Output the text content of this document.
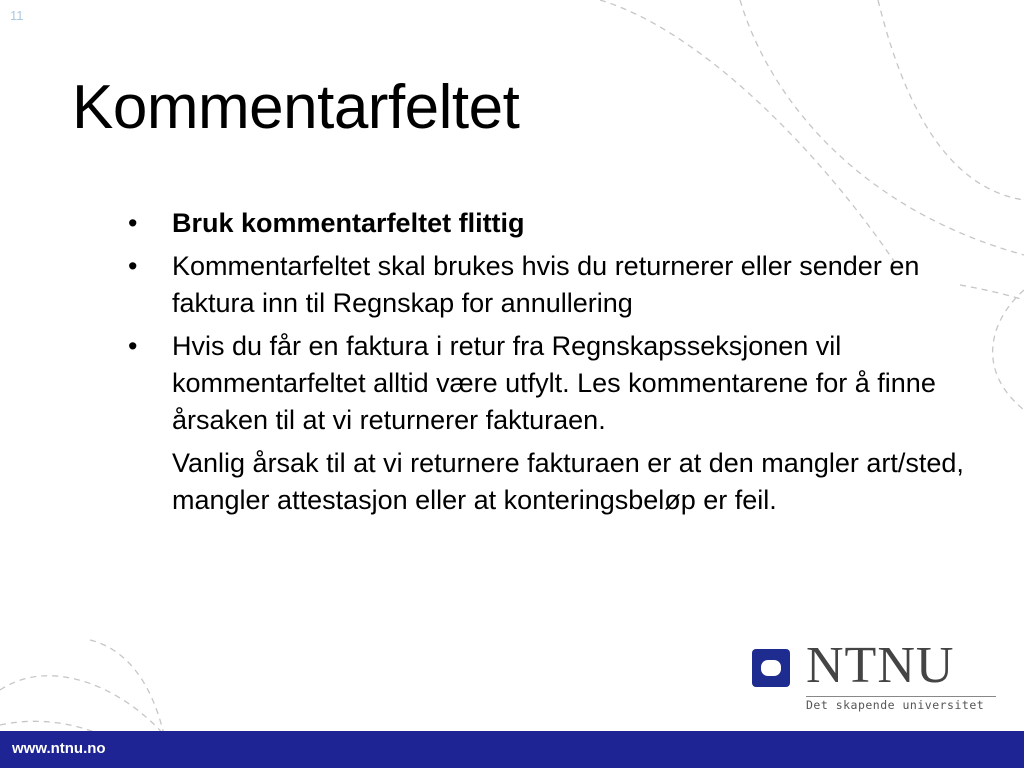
11
Kommentarfeltet
• Bruk kommentarfeltet flittig
• Kommentarfeltet skal brukes hvis du returnerer eller sender en faktura inn til Regnskap for annullering
• Hvis du får en faktura i retur fra Regnskapsseksjonen vil kommentarfeltet alltid være utfylt. Les kommentarene for å finne årsaken til at vi returnerer fakturaen.

Vanlig årsak til at vi returnere fakturaen er at den mangler art/sted, mangler attestasjon eller at konteringsbeløp er feil.

NTNU
Det skapende universitet
www.ntnu.no
